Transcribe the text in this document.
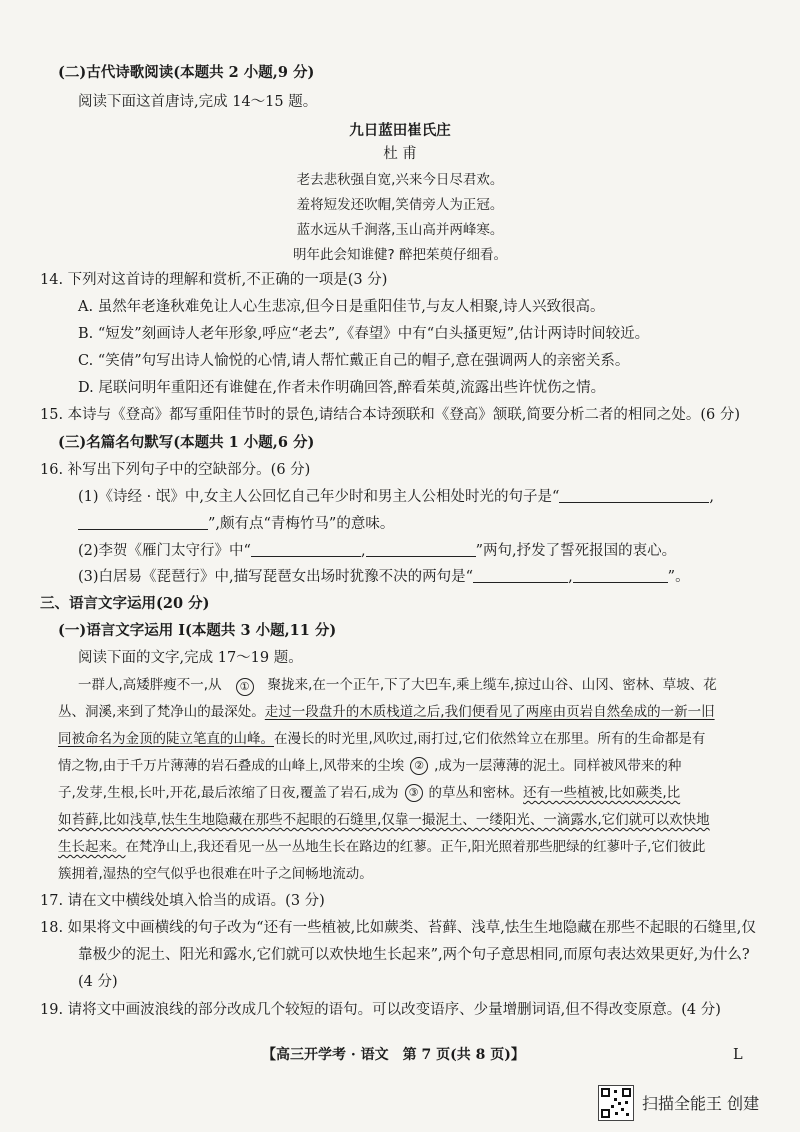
(二)古代诗歌阅读(本题共 2 小题,9 分)
阅读下面这首唐诗,完成 14～15 题。
九日蓝田崔氏庄
杜 甫
老去悲秋强自宽,兴来今日尽君欢。
羞将短发还吹帽,笑倩旁人为正冠。
蓝水远从千涧落,玉山高并两峰寒。
明年此会知谁健? 醉把茱萸仔细看。
14. 下列对这首诗的理解和赏析,不正确的一项是(3 分)
A. 虽然年老逢秋难免让人心生悲凉,但今日是重阳佳节,与友人相聚,诗人兴致很高。
B. “短发”刻画诗人老年形象,呼应“老去”,《春望》中有“白头搔更短”,估计两诗时间较近。
C. “笑倩”句写出诗人愉悦的心情,请人帮忙戴正自己的帽子,意在强调两人的亲密关系。
D. 尾联问明年重阳还有谁健在,作者未作明确回答,醉看茱萸,流露出些许忧伤之情。
15. 本诗与《登高》都写重阳佳节时的景色,请结合本诗颈联和《登高》颔联,简要分析二者的相同之处。(6 分)
(三)名篇名句默写(本题共 1 小题,6 分)
16. 补写出下列句子中的空缺部分。(6 分)
(1)《诗经 · 氓》中,女主人公回忆自己年少时和男主人公相处时光的句子是“	,
”,颇有点“青梅竹马”的意味。
(2)李贺《雁门太守行》中“	,	”两句,抒发了誓死报国的衷心。
(3)白居易《琵琶行》中,描写琵琶女出场时犹豫不决的两句是“	,	”。
三、语言文字运用(20 分)
(一)语言文字运用 Ⅰ(本题共 3 小题,11 分)
阅读下面的文字,完成 17～19 题。
一群人,高矮胖瘦不一,从 ① 聚拢来,在一个正午,下了大巴车,乘上缆车,掠过山谷、山冈、密林、草坡、花
丛、洞溪,来到了梵净山的最深处。走过一段盘升的木质栈道之后,我们便看见了两座由页岩自然垒成的一新一旧
同被命名为金顶的陡立笔直的山峰。在漫长的时光里,风吹过,雨打过,它们依然耸立在那里。所有的生命都是有
情之物,由于千万片薄薄的岩石叠成的山峰上,风带来的尘埃 ② ,成为一层薄薄的泥土。同样被风带来的种
子,发芽,生根,长叶,开花,最后浓缩了日夜,覆盖了岩石,成为 ③ 的草丛和密林。还有一些植被,比如蕨类,比
如苔藓,比如浅草,怯生生地隐藏在那些不起眼的石缝里,仅靠一撮泥土、一缕阳光、一滴露水,它们就可以欢快地
生长起来。在梵净山上,我还看见一丛一丛地生长在路边的红蓼。正午,阳光照着那些肥绿的红蓼叶子,它们彼此
簇拥着,湿热的空气似乎也很难在叶子之间畅地流动。
17. 请在文中横线处填入恰当的成语。(3 分)
18. 如果将文中画横线的句子改为“还有一些植被,比如蕨类、苔藓、浅草,怯生生地隐藏在那些不起眼的石缝里,仅
靠极少的泥土、阳光和露水,它们就可以欢快地生长起来”,两个句子意思相同,而原句表达效果更好,为什么?
(4 分)
19. 请将文中画波浪线的部分改成几个较短的语句。可以改变语序、少量增删词语,但不得改变原意。(4 分)
【高三开学考 · 语文　第 7 页(共 8 页)】	L
扫描全能王 创建
